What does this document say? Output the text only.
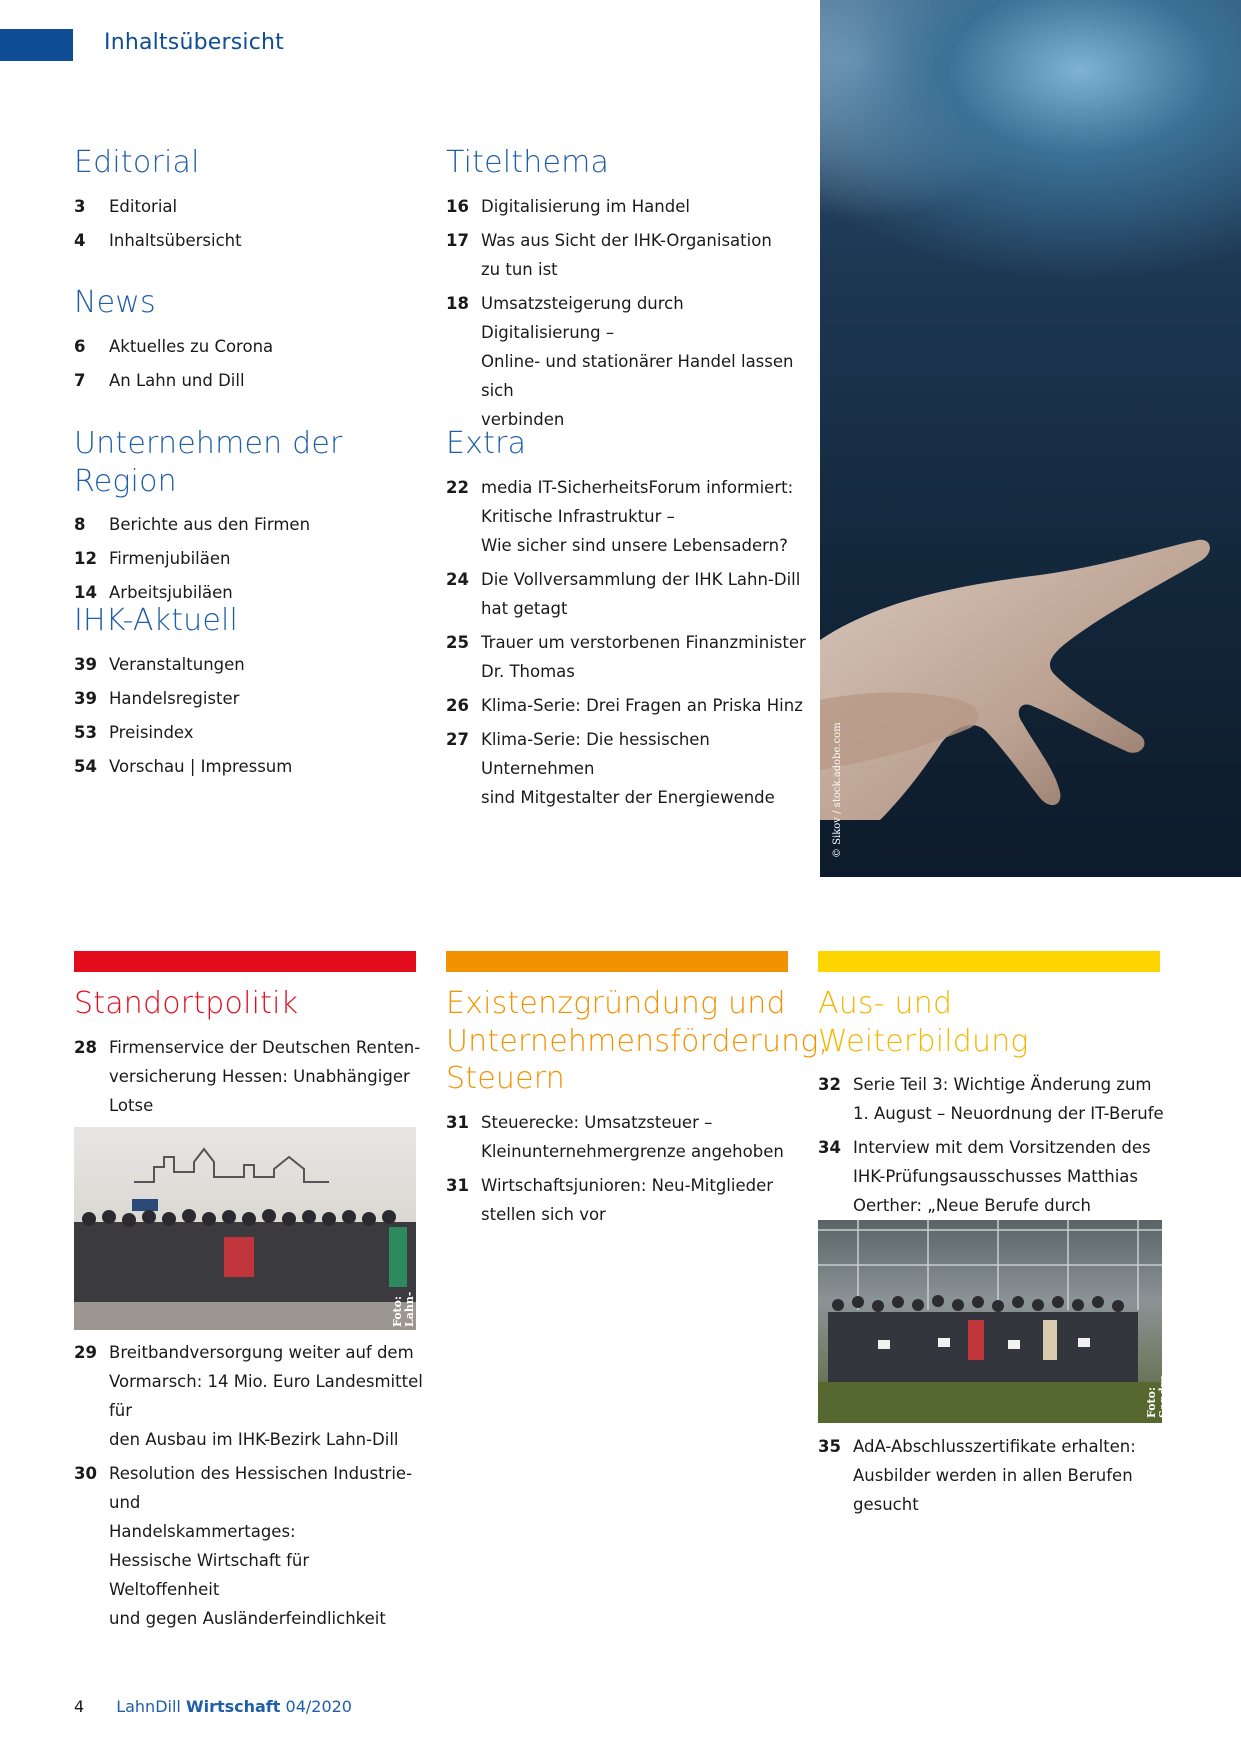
Inhaltsübersicht
© Sikov / stock.adobe.com
Editorial
3	Editorial
4	Inhaltsübersicht
News
6	Aktuelles zu Corona
7	An Lahn und Dill
Unternehmen der Region
8	Berichte aus den Firmen
12 Firmenjubiläen
14 Arbeitsjubiläen
IHK-Aktuell
39 Veranstaltungen
39 Handelsregister
53 Preisindex
54 Vorschau | Impressum
Titelthema
16 Digitalisierung im Handel
17 Was aus Sicht der IHK-Organisation
zu tun ist
18 Umsatzsteigerung durch Digitalisierung –
Online- und stationärer Handel lassen sich
verbinden
Extra
22 media IT-SicherheitsForum informiert:
Kritische Infrastruktur –
Wie sicher sind unsere Lebensadern?
24 Die Vollversammlung der IHK Lahn-Dill
hat getagt
25 Trauer um verstorbenen Finanzminister
Dr. Thomas
26 Klima-Serie: Drei Fragen an Priska Hinz
27 Klima-Serie: Die hessischen Unternehmen
sind Mitgestalter der Energiewende
Standortpolitik
28 Firmenservice der Deutschen Renten-
versicherung Hessen: Unabhängiger Lotse

Foto:
Lahn-Dill-Kreis
29 Breitbandversorgung weiter auf dem
Vormarsch: 14 Mio. Euro Landesmittel für
den Ausbau im IHK-Bezirk Lahn-Dill
30 Resolution des Hessischen Industrie- und
Handelskammertages:
Hessische Wirtschaft für Weltoffenheit
und gegen Ausländerfeindlichkeit
Existenzgründung und
Unternehmensförderung,
Steuern
31 Steuerecke: Umsatzsteuer –
Kleinunternehmergrenze angehoben
31 Wirtschaftsjunioren: Neu-Mitglieder
stellen sich vor
Aus- und Weiterbildung
32 Serie Teil 3: Wichtige Änderung zum
1. August – Neuordnung der IT-Berufe
34 Interview mit dem Vorsitzenden des
IHK-Prüfungsausschusses Matthias
Oerther: „Neue Berufe durch

Foto: Sandra Valentin
35 AdA-Abschlusszertifikate erhalten:
Ausbilder werden in allen Berufen
gesucht
4 LahnDill Wirtschaft 04/2020
